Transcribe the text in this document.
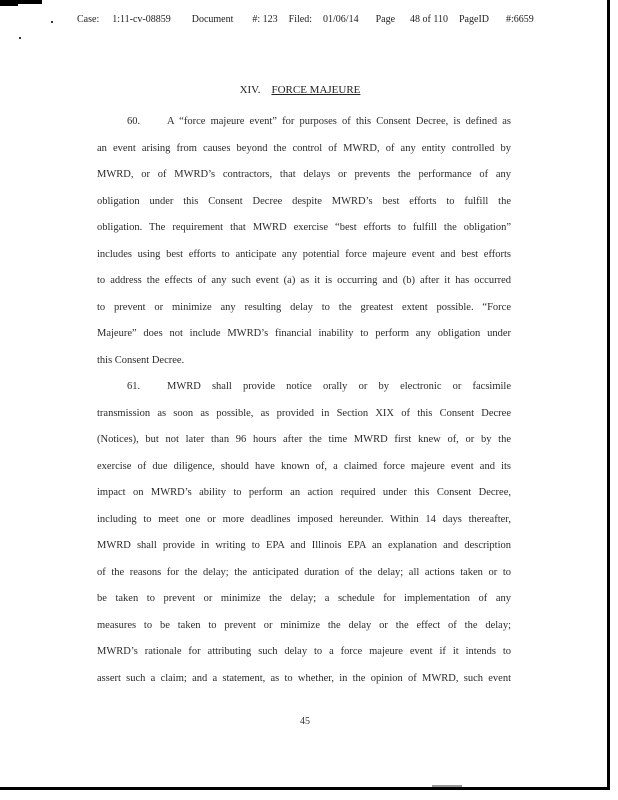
Case: 1:11-cv-08859 Document #: 123 Filed: 01/06/14 Page 48 of 110 PageID #:6659
XIV. FORCE MAJEURE
60.	A “force majeure event” for purposes of this Consent Decree, is defined as
an event arising from causes beyond the control of MWRD, of any entity controlled by
MWRD, or of MWRD’s contractors, that delays or prevents the performance of any
obligation under this Consent Decree despite MWRD’s best efforts to fulfill the
obligation. The requirement that MWRD exercise “best efforts to fulfill the obligation”
includes using best efforts to anticipate any potential force majeure event and best efforts
to address the effects of any such event (a) as it is occurring and (b) after it has occurred
to prevent or minimize any resulting delay to the greatest extent possible. “Force
Majeure” does not include MWRD’s financial inability to perform any obligation under
this Consent Decree.
61.	MWRD shall provide notice orally or by electronic or facsimile
transmission as soon as possible, as provided in Section XIX of this Consent Decree
(Notices), but not later than 96 hours after the time MWRD first knew of, or by the
exercise of due diligence, should have known of, a claimed force majeure event and its
impact on MWRD’s ability to perform an action required under this Consent Decree,
including to meet one or more deadlines imposed hereunder. Within 14 days thereafter,
MWRD shall provide in writing to EPA and Illinois EPA an explanation and description
of the reasons for the delay; the anticipated duration of the delay; all actions taken or to
be taken to prevent or minimize the delay; a schedule for implementation of any
measures to be taken to prevent or minimize the delay or the effect of the delay;
MWRD’s rationale for attributing such delay to a force majeure event if it intends to
assert such a claim; and a statement, as to whether, in the opinion of MWRD, such event
45
